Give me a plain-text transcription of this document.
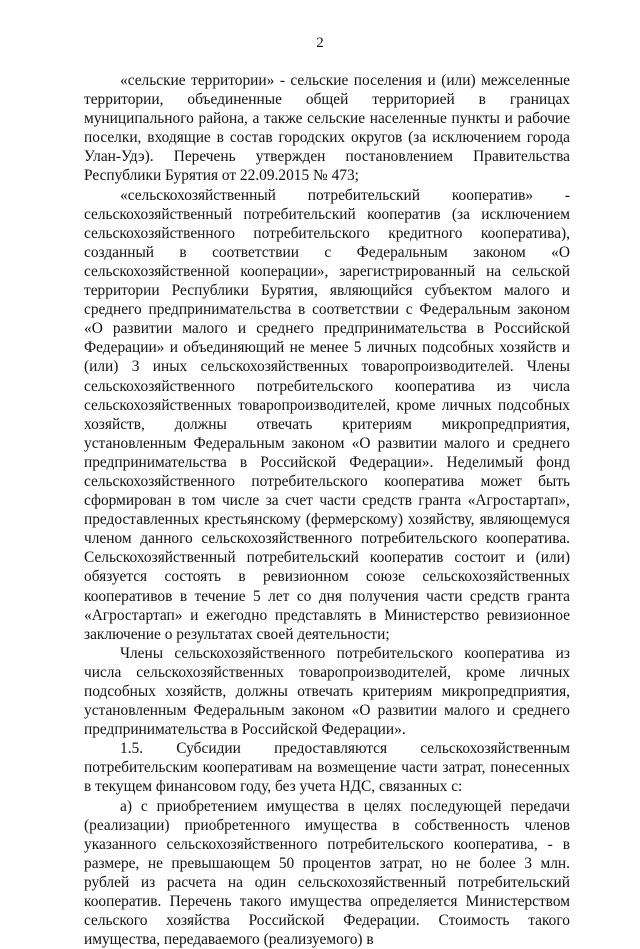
2

«сельские территории» - сельские поселения и (или) межселенные территории, объединенные общей территорией в границах муниципального района, а также сельские населенные пункты и рабочие поселки, входящие в состав городских округов (за исключением города Улан-Удэ). Перечень утвержден постановлением Правительства Республики Бурятия от 22.09.2015 № 473;

«сельскохозяйственный потребительский кооператив» - сельскохозяйственный потребительский кооператив (за исключением сельскохозяйственного потребительского кредитного кооператива), созданный в соответствии с Федеральным законом «О сельскохозяйственной кооперации», зарегистрированный на сельской территории Республики Бурятия, являющийся субъектом малого и среднего предпринимательства в соответствии с Федеральным законом «О развитии малого и среднего предпринимательства в Российской Федерации» и объединяющий не менее 5 личных подсобных хозяйств и (или) 3 иных сельскохозяйственных товаропроизводителей. Члены сельскохозяйственного потребительского кооператива из числа сельскохозяйственных товаропроизводителей, кроме личных подсобных хозяйств, должны отвечать критериям микропредприятия, установленным Федеральным законом «О развитии малого и среднего предпринимательства в Российской Федерации». Неделимый фонд сельскохозяйственного потребительского кооператива может быть сформирован в том числе за счет части средств гранта «Агростартап», предоставленных крестьянскому (фермерскому) хозяйству, являющемуся членом данного сельскохозяйственного потребительского кооператива. Сельскохозяйственный потребительский кооператив состоит и (или) обязуется состоять в ревизионном союзе сельскохозяйственных кооперативов в течение 5 лет со дня получения части средств гранта «Агростартап» и ежегодно представлять в Министерство ревизионное заключение о результатах своей деятельности;

Члены сельскохозяйственного потребительского кооператива из числа сельскохозяйственных товаропроизводителей, кроме личных подсобных хозяйств, должны отвечать критериям микропредприятия, установленным Федеральным законом «О развитии малого и среднего предпринимательства в Российской Федерации».

1.5. Субсидии предоставляются сельскохозяйственным потребительским кооперативам на возмещение части затрат, понесенных в текущем финансовом году, без учета НДС, связанных с:

а) с приобретением имущества в целях последующей передачи (реализации) приобретенного имущества в собственность членов указанного сельскохозяйственного потребительского кооператива, - в размере, не превышающем 50 процентов затрат, но не более 3 млн. рублей из расчета на один сельскохозяйственный потребительский кооператив. Перечень такого имущества определяется Министерством сельского хозяйства Российской Федерации. Стоимость такого имущества, передаваемого (реализуемого) в
